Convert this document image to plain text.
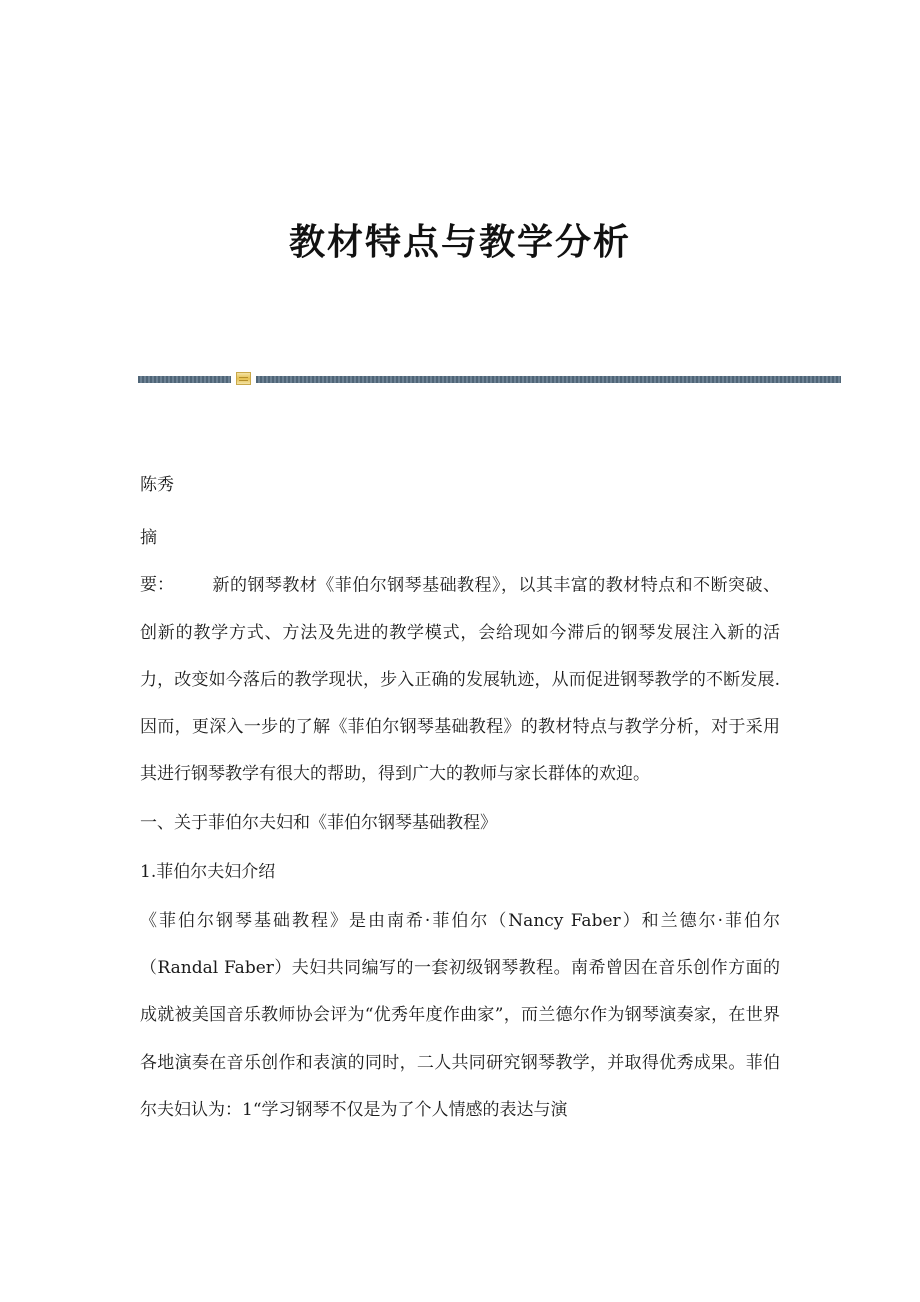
教材特点与教学分析

陈秀

摘要： 新的钢琴教材《菲伯尔钢琴基础教程》，以其丰富的教材特点和不断突破、创新的教学方式、方法及先进的教学模式，会给现如今滞后的钢琴发展注入新的活力，改变如今落后的教学现状，步入正确的发展轨迹，从而促进钢琴教学的不断发展.因而，更深入一步的了解《菲伯尔钢琴基础教程》的教材特点与教学分析，对于采用其进行钢琴教学有很大的帮助，得到广大的教师与家长群体的欢迎。

一、关于菲伯尔夫妇和《菲伯尔钢琴基础教程》

1.菲伯尔夫妇介绍

《菲伯尔钢琴基础教程》是由南希·菲伯尔（Nancy Faber）和兰德尔·菲伯尔（Randal Faber）夫妇共同编写的一套初级钢琴教程。南希曾因在音乐创作方面的成就被美国音乐教师协会评为“优秀年度作曲家”，而兰德尔作为钢琴演奏家，在世界各地演奏在音乐创作和表演的同时，二人共同研究钢琴教学，并取得优秀成果。菲伯尔夫妇认为：1“学习钢琴不仅是为了个人情感的表达与演
